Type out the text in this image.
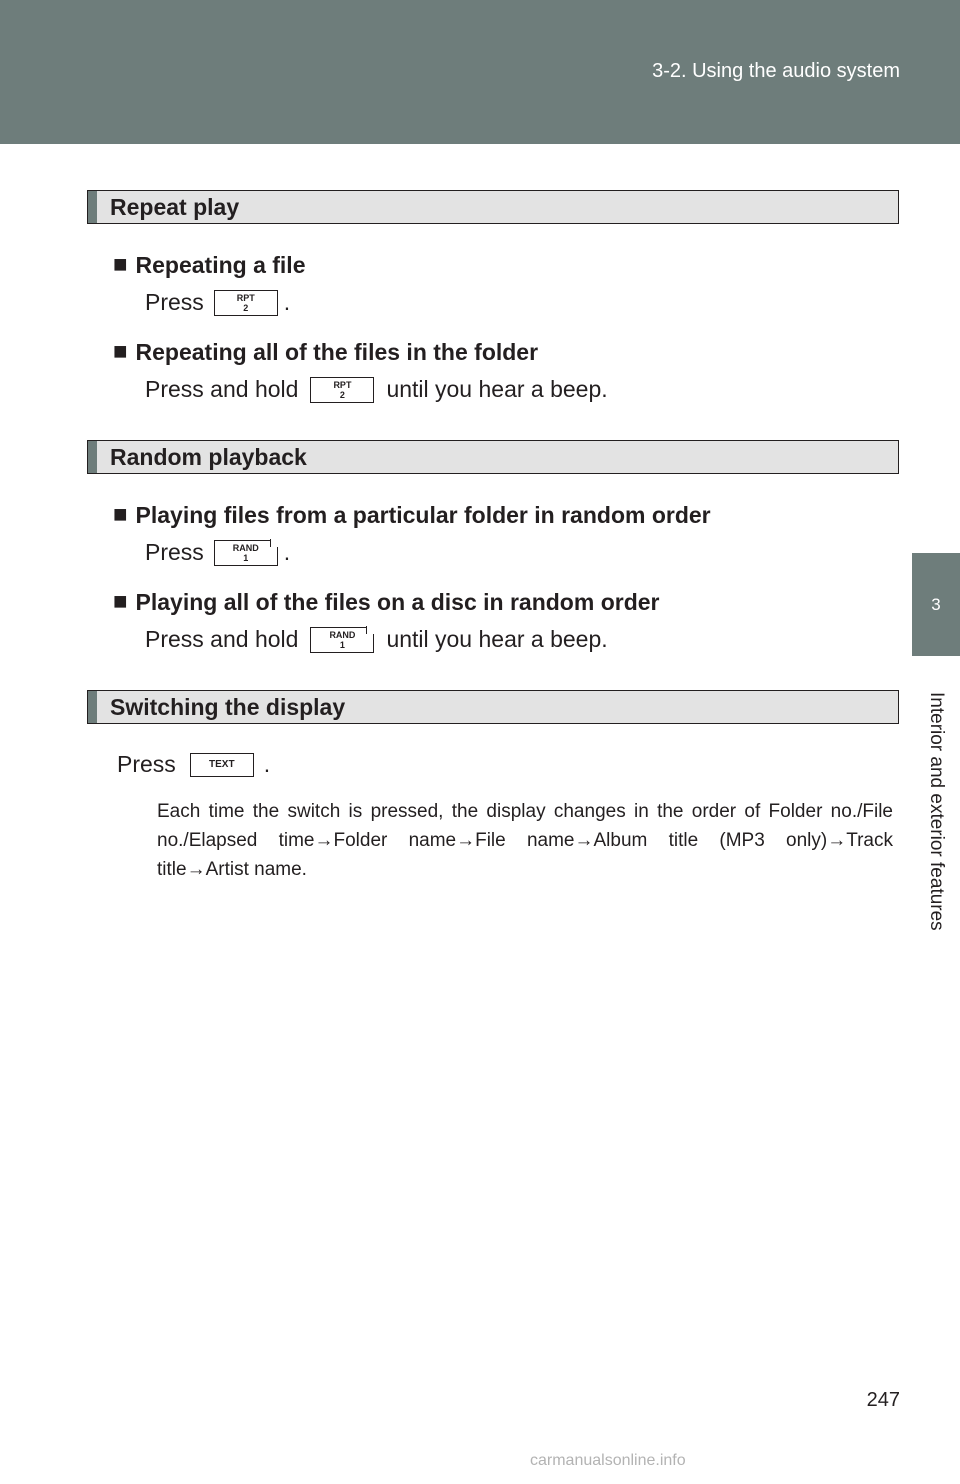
3-2. Using the audio system
3
Interior and exterior features
Repeat play
■ Repeating a file
Press	RPT
2	.
■ Repeating all of the files in the folder
Press and hold	RPT
2	until you hear a beep.
Random playback
■ Playing files from a particular folder in random order
Press	RAND
1	.
■ Playing all of the files on a disc in random order
Press and hold	RAND
1	until you hear a beep.
Switching the display
Press	TEXT	.
Each time the switch is pressed, the display changes in the order of Folder no./File no./Elapsed time→Folder name→File name→Album title (MP3 only)→Track title→Artist name.
247
carmanualsonline.info
